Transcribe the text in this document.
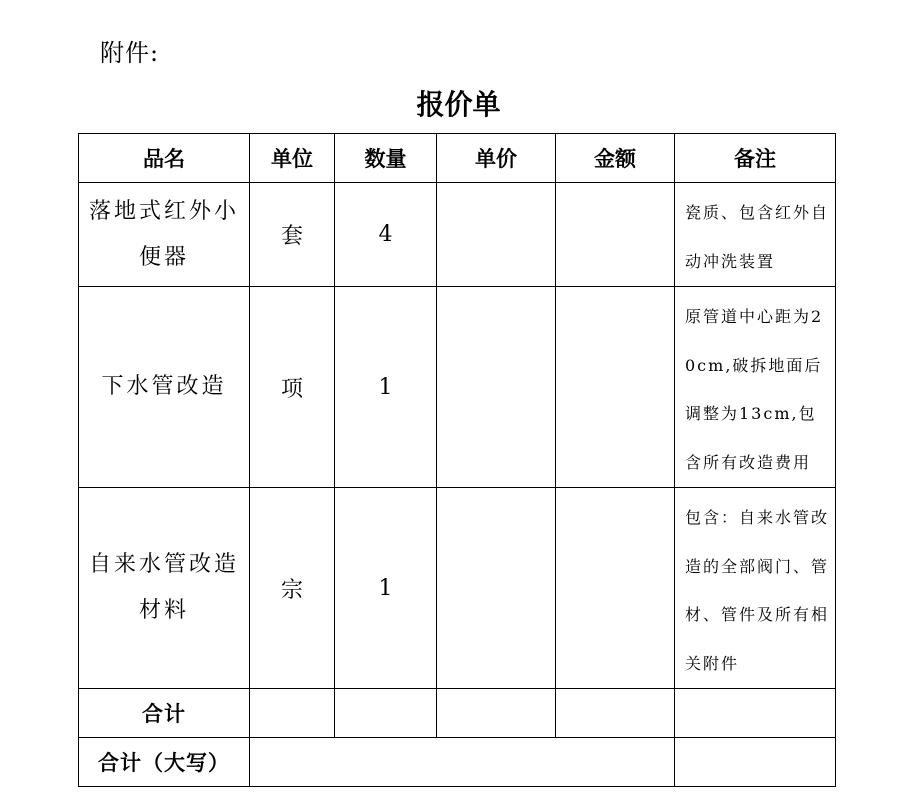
附件:
报价单
品名	单位	数量	单价	金额	备注
落地式红外小便器	套	4			瓷质、包含红外自动冲洗装置
下水管改造	项	1			原管道中心距为20cm,破拆地面后调整为13cm,包含所有改造费用
自来水管改造材料	宗	1			包含：自来水管改造的全部阀门、管材、管件及所有相关附件
合计					
合计（大写）					
